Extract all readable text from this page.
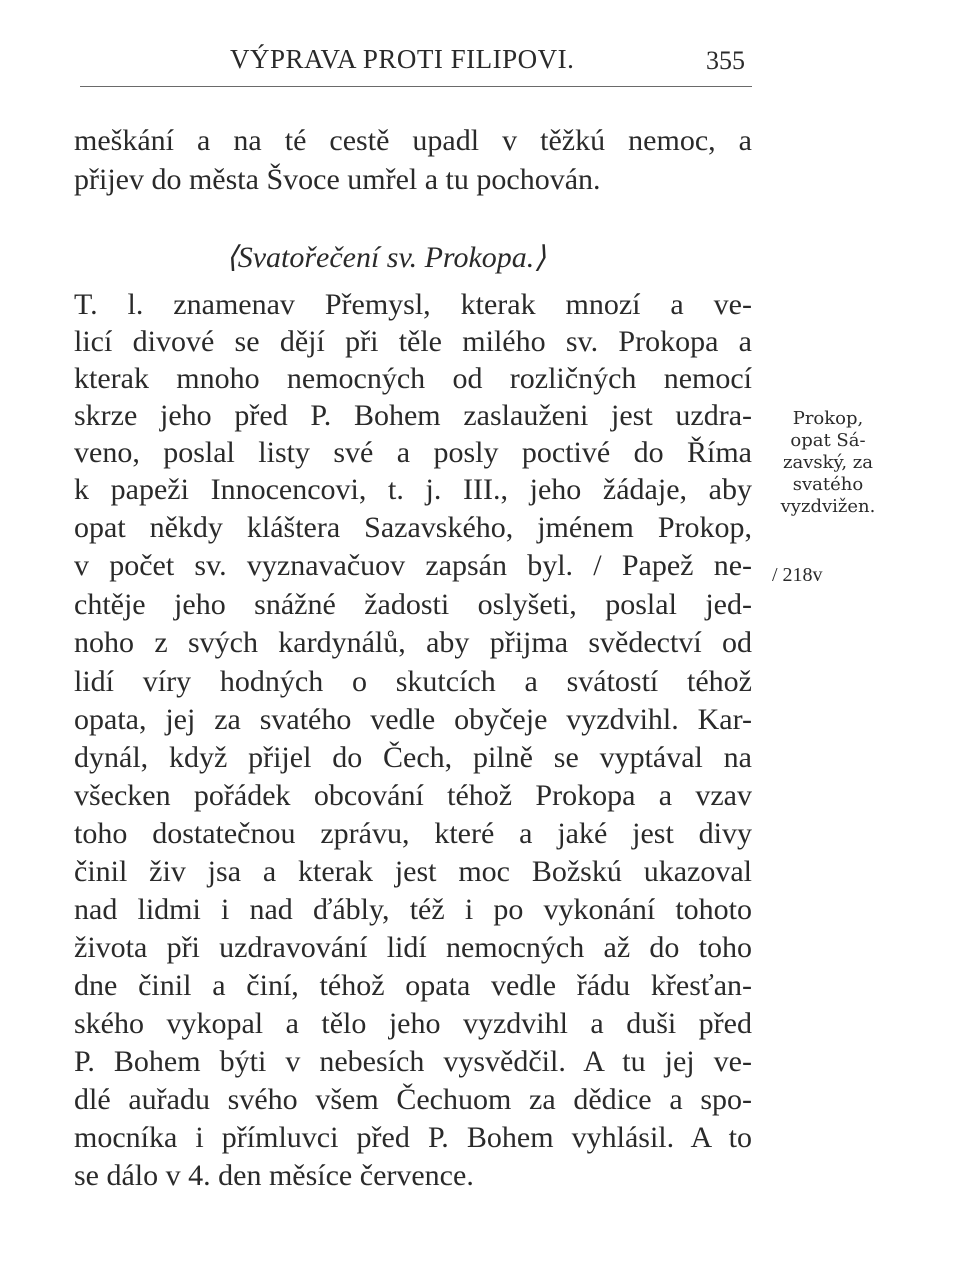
VÝPRAVA PROTI FILIPOVI.	355
meškání a na té cestě upadl v těžkú nemoc, a
přijev do města Švoce umřel a tu pochován.
⟨Svatořečení sv. Prokopa.⟩
T. l. znamenav Přemysl, kterak mnozí a ve-
licí divové se dějí při těle milého sv. Prokopa a
kterak mnoho nemocných od rozličných nemocí
skrze jeho před P. Bohem zaslauženi jest uzdra-
veno, poslal listy své a posly poctivé do Říma
k papeži Innocencovi, t. j. III., jeho žádaje, aby
opat někdy kláštera Sazavského, jménem Prokop,
v počet sv. vyznavačuov zapsán byl. / Papež ne-
chtěje jeho snážné žadosti oslyšeti, poslal jed-
noho z svých kardynálů, aby přijma svědectví od
lidí víry hodných o skutcích a svátostí téhož
opata, jej za svatého vedle obyčeje vyzdvihl. Kar-
dynál, když přijel do Čech, pilně se vyptával na
všecken pořádek obcování téhož Prokopa a vzav
toho dostatečnou zprávu, které a jaké jest divy
činil živ jsa a kterak jest moc Božskú ukazoval
nad lidmi i nad ďábly, též i po vykonání tohoto
života při uzdravování lidí nemocných až do toho
dne činil a činí, téhož opata vedle řádu křesťan-
ského vykopal a tělo jeho vyzdvihl a duši před
P. Bohem býti v nebesích vysvědčil. A tu jej ve-
dlé auřadu svého všem Čechuom za dědice a spo-
mocníka i přímluvci před P. Bohem vyhlásil. A to
se dálo v 4. den měsíce července.
Prokop,
opat Sá-
zavský, za
svatého
vyzdvižen.
/ 218v
